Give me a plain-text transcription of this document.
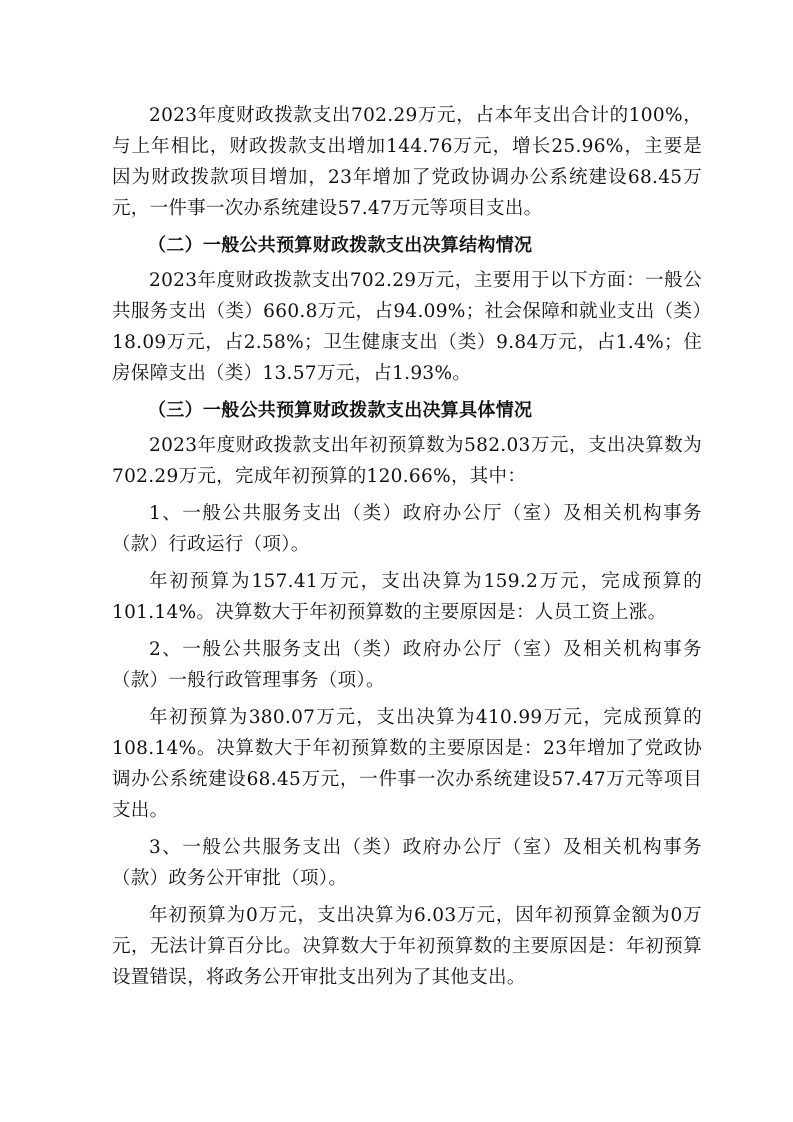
2023年度财政拨款支出702.29万元，占本年支出合计的100%，与上年相比，财政拨款支出增加144.76万元，增长25.96%，主要是因为财政拨款项目增加，23年增加了党政协调办公系统建设68.45万元，一件事一次办系统建设57.47万元等项目支出。

（二）一般公共预算财政拨款支出决算结构情况

2023年度财政拨款支出702.29万元，主要用于以下方面：一般公共服务支出（类）660.8万元，占94.09%；社会保障和就业支出（类）18.09万元，占2.58%；卫生健康支出（类）9.84万元，占1.4%；住房保障支出（类）13.57万元，占1.93%。

（三）一般公共预算财政拨款支出决算具体情况

2023年度财政拨款支出年初预算数为582.03万元，支出决算数为702.29万元，完成年初预算的120.66%，其中：

1、一般公共服务支出（类）政府办公厅（室）及相关机构事务（款）行政运行（项）。

年初预算为157.41万元，支出决算为159.2万元，完成预算的101.14%。决算数大于年初预算数的主要原因是：人员工资上涨。

2、一般公共服务支出（类）政府办公厅（室）及相关机构事务（款）一般行政管理事务（项）。

年初预算为380.07万元，支出决算为410.99万元，完成预算的108.14%。决算数大于年初预算数的主要原因是：23年增加了党政协调办公系统建设68.45万元，一件事一次办系统建设57.47万元等项目支出。

3、一般公共服务支出（类）政府办公厅（室）及相关机构事务（款）政务公开审批（项）。

年初预算为0万元，支出决算为6.03万元，因年初预算金额为0万元，无法计算百分比。决算数大于年初预算数的主要原因是：年初预算设置错误，将政务公开审批支出列为了其他支出。
